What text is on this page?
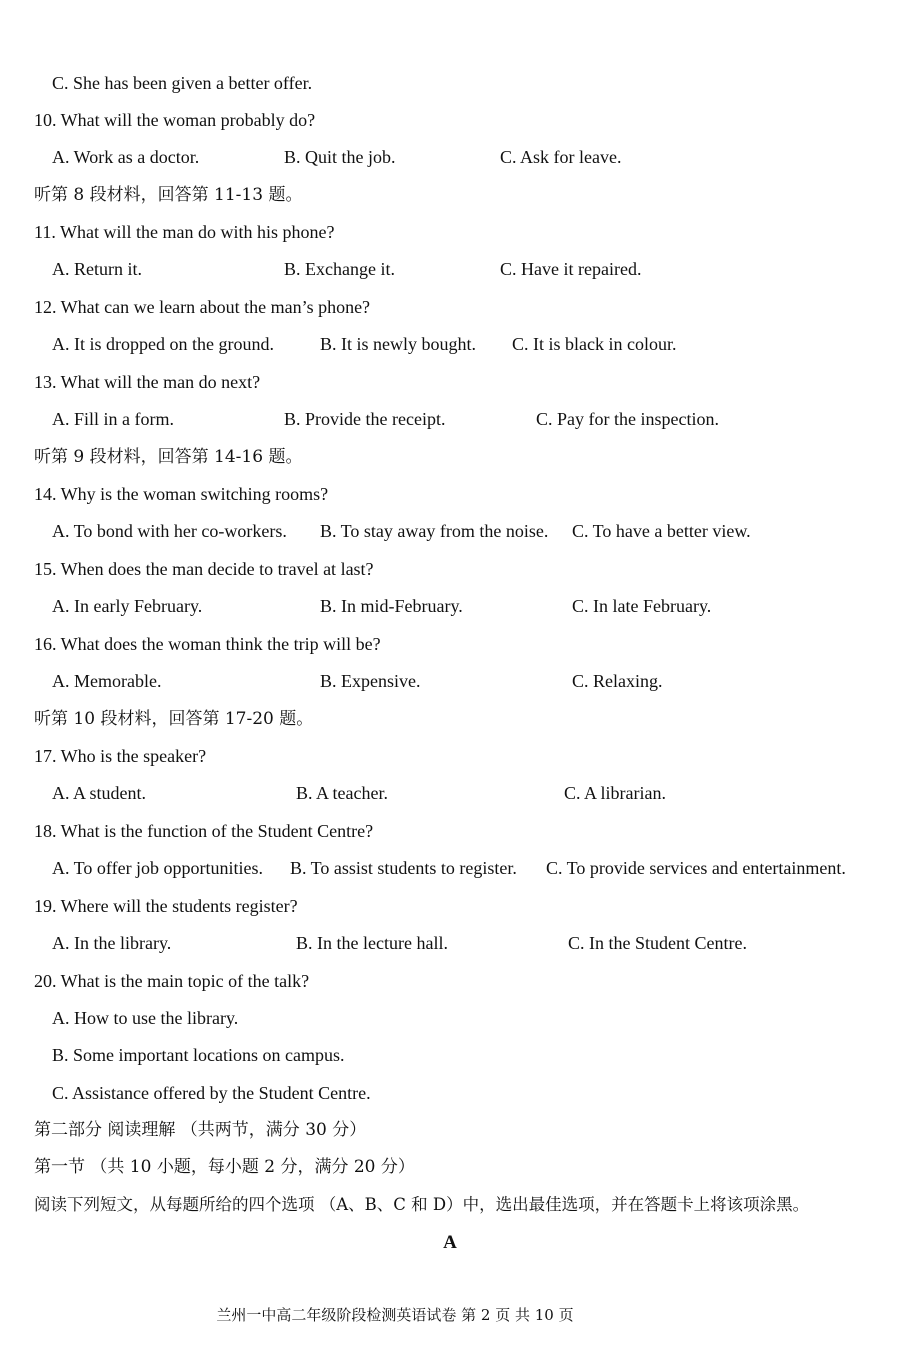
C. She has been given a better offer.
10. What will the woman probably do?
A. Work as a doctor.	B. Quit the job.	C. Ask for leave.
听第 8 段材料，回答第 11-13 题。
11. What will the man do with his phone?
A. Return it.	B. Exchange it.	C. Have it repaired.
12. What can we learn about the man’s phone?
A. It is dropped on the ground.	B. It is newly bought. C. It is black in colour.
13. What will the man do next?
A. Fill in a form.	B. Provide the receipt.	C. Pay for the inspection.
听第 9 段材料，回答第 14-16 题。
14. Why is the woman switching rooms?
A. To bond with her co-workers. B. To stay away from the noise. C. To have a better view.
15. When does the man decide to travel at last?
A. In early February.	B. In mid-February.	C. In late February.
16. What does the woman think the trip will be?
A. Memorable.	B. Expensive.	C. Relaxing.
听第 10 段材料，回答第 17-20 题。
17. Who is the speaker?
A. A student.	B. A teacher.	C. A librarian.
18. What is the function of the Student Centre?
A. To offer job opportunities. B. To assist students to register. C. To provide services and entertainment.
19. Where will the students register?
A. In the library.	B. In the lecture hall.	C. In the Student Centre.
20. What is the main topic of the talk?
A. How to use the library.
B. Some important locations on campus.
C. Assistance offered by the Student Centre.
第二部分 阅读理解 （共两节，满分 30 分）
第一节 （共 10 小题，每小题 2 分，满分 20 分）
阅读下列短文，从每题所给的四个选项 （A、B、C 和 D）中，选出最佳选项，并在答题卡上将该项涂黑。
A
兰州一中高二年级阶段检测英语试卷 第 2 页 共 10 页
